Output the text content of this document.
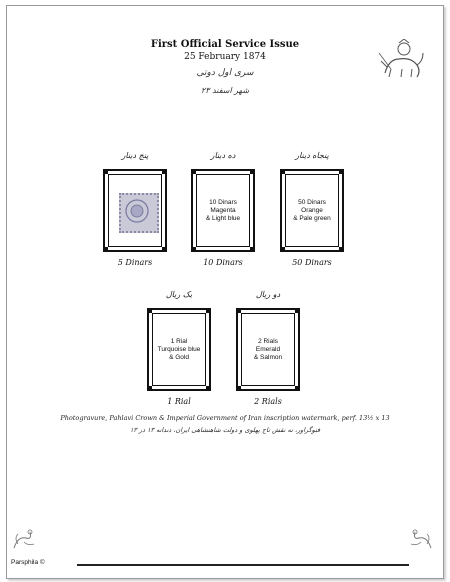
First Official Service Issue
25 February 1874
سری اول دوتی
۲۳ شهر اسفند
پنج دینار
5 Dinars
ده دینار
10 Dinars
Magenta
& Light blue
10 Dinars
پنجاه دینار
50 Dinars
Orange
& Pale green
50 Dinars
یک ریال
1 Rial
Turquoise blue
& Gold
1 Rial
دو ریال
2 Rials
Emerald
& Salmon
2 Rials
Photogravure, Pahlavi Crown & Imperial Government of Iran inscription watermark, perf. 13½ x 13
فتوگراور، ته نقش تاج پهلوی و دولت شاهنشاهی ایران، دندانه ۱۳ در ۱۳
Parsphila ©
